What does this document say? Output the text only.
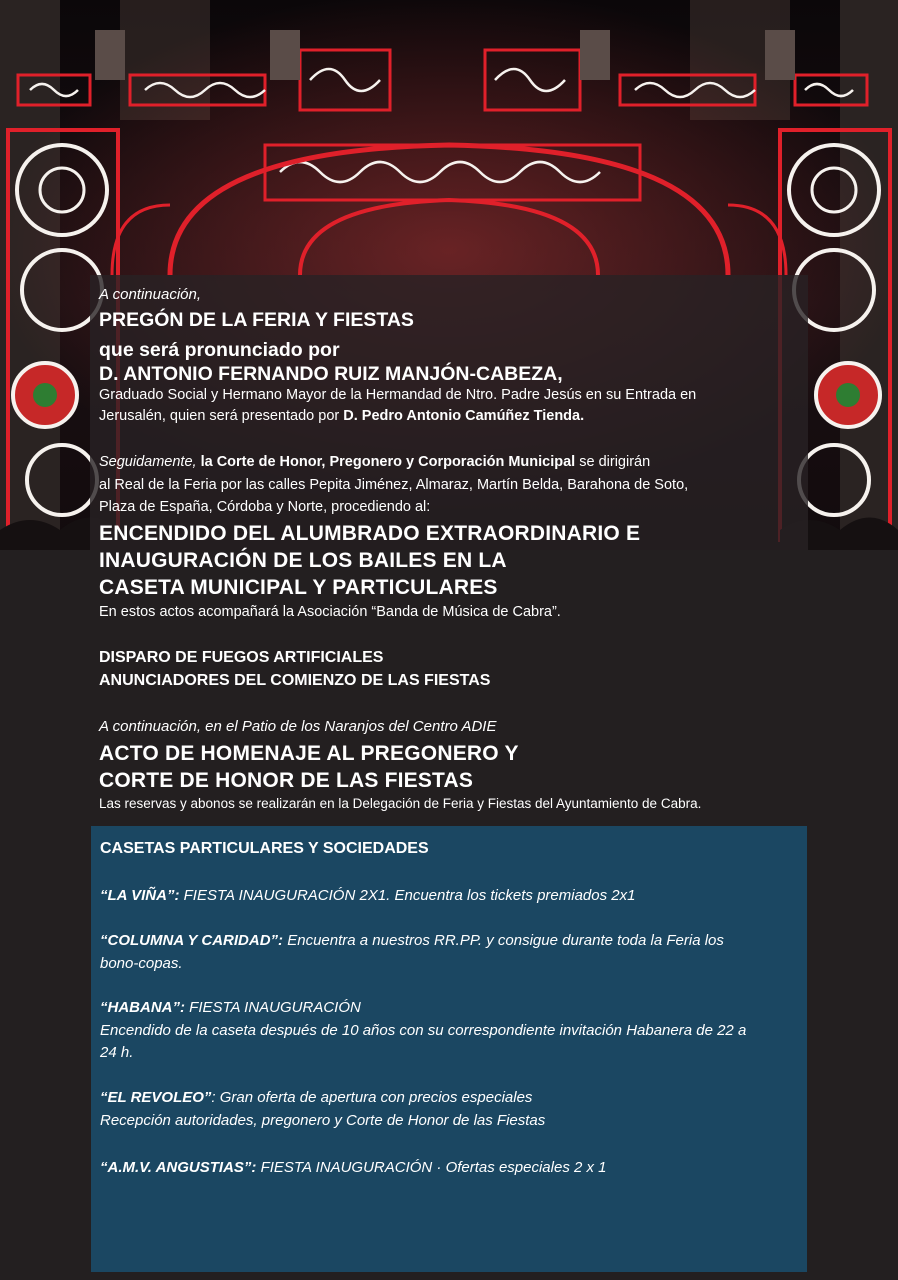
A continuación,
PREGÓN DE LA FERIA Y FIESTAS
que será pronunciado por
D. ANTONIO FERNANDO RUIZ MANJÓN-CABEZA,
Graduado Social y Hermano Mayor de la Hermandad de Ntro. Padre Jesús en su Entrada en
Jerusalén, quien será presentado por D. Pedro Antonio Camúñez Tienda.
Seguidamente, la Corte de Honor, Pregonero y Corporación Municipal se dirigirán
al Real de la Feria por las calles Pepita Jiménez, Almaraz, Martín Belda, Barahona de Soto,
Plaza de España, Córdoba y Norte, procediendo al:
ENCENDIDO DEL ALUMBRADO EXTRAORDINARIO E
INAUGURACIÓN DE LOS BAILES EN LA
CASETA MUNICIPAL Y PARTICULARES
En estos actos acompañará la Asociación “Banda de Música de Cabra”.
DISPARO DE FUEGOS ARTIFICIALES
ANUNCIADORES DEL COMIENZO DE LAS FIESTAS
A continuación, en el Patio de los Naranjos del Centro ADIE
ACTO DE HOMENAJE AL PREGONERO Y
CORTE DE HONOR DE LAS FIESTAS
Las reservas y abonos se realizarán en la Delegación de Feria y Fiestas del Ayuntamiento de Cabra.
CASETAS PARTICULARES Y SOCIEDADES
“LA VIÑA”: FIESTA INAUGURACIÓN 2X1. Encuentra los tickets premiados 2x1
“COLUMNA Y CARIDAD”: Encuentra a nuestros RR.PP. y consigue durante toda la Feria los
bono-copas.
“HABANA”: FIESTA INAUGURACIÓN
Encendido de la caseta después de 10 años con su correspondiente invitación Habanera de 22 a
24 h.
“EL REVOLEO”: Gran oferta de apertura con precios especiales
Recepción autoridades, pregonero y Corte de Honor de las Fiestas
“A.M.V. ANGUSTIAS”: FIESTA INAUGURACIÓN · Ofertas especiales 2 x 1
